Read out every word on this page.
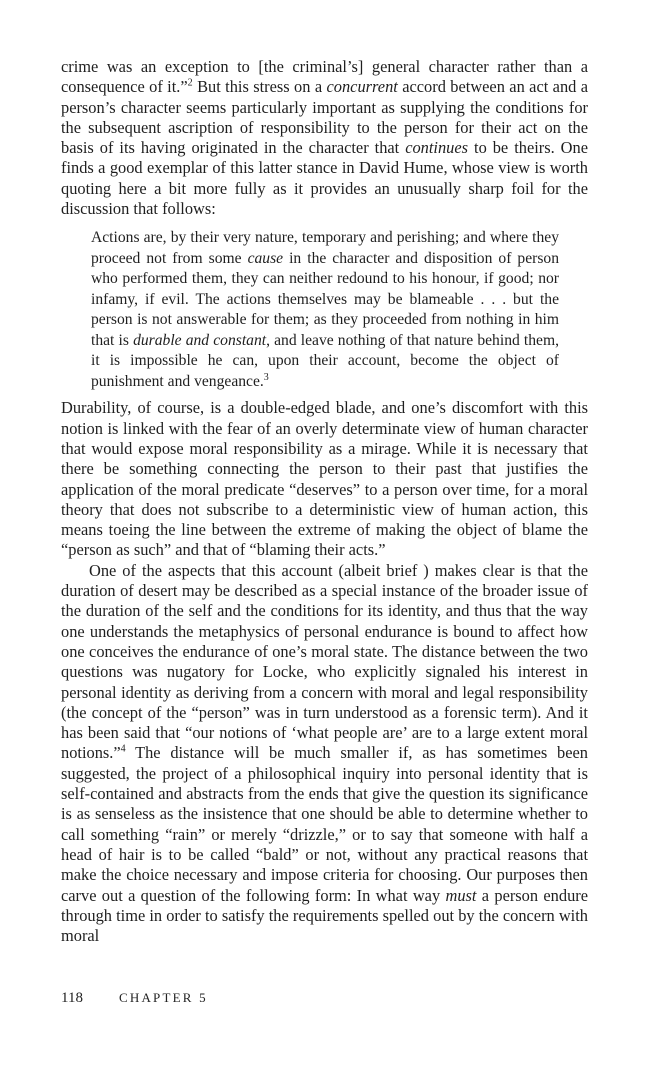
crime was an exception to [the criminal’s] general character rather than a consequence of it.”$^2$ But this stress on a concurrent accord between an act and a person’s character seems particularly important as supplying the conditions for the subsequent ascription of responsibility to the person for their act on the basis of its having originated in the character that continues to be theirs. One finds a good exemplar of this latter stance in David Hume, whose view is worth quoting here a bit more fully as it provides an unusually sharp foil for the discussion that follows:

Actions are, by their very nature, temporary and perishing; and where they proceed not from some cause in the character and disposition of person who performed them, they can neither redound to his honour, if good; nor infamy, if evil. The actions themselves may be blameable . . . but the person is not answerable for them; as they proceeded from nothing in him that is durable and constant, and leave nothing of that nature behind them, it is impossible he can, upon their account, become the object of punishment and vengeance.$^3$

Durability, of course, is a double-edged blade, and one’s discomfort with this notion is linked with the fear of an overly determinate view of human character that would expose moral responsibility as a mirage. While it is necessary that there be something connecting the person to their past that justifies the application of the moral predicate “deserves” to a person over time, for a moral theory that does not subscribe to a deterministic view of human action, this means toeing the line between the extreme of making the object of blame the “person as such” and that of “blaming their acts.”

One of the aspects that this account (albeit brief ) makes clear is that the duration of desert may be described as a special instance of the broader issue of the duration of the self and the conditions for its identity, and thus that the way one understands the metaphysics of personal endurance is bound to affect how one conceives the endurance of one’s moral state. The distance between the two questions was nugatory for Locke, who explicitly signaled his interest in personal identity as deriving from a concern with moral and legal responsibility (the concept of the “person” was in turn understood as a forensic term). And it has been said that “our notions of ‘what people are’ are to a large extent moral notions.”$^4$ The distance will be much smaller if, as has sometimes been suggested, the project of a philosophical inquiry into personal identity that is self-contained and abstracts from the ends that give the question its significance is as senseless as the insistence that one should be able to determine whether to call something “rain” or merely “drizzle,” or to say that someone with half a head of hair is to be called “bald” or not, without any practical reasons that make the choice necessary and impose criteria for choosing. Our purposes then carve out a question of the following form: In what way must a person endure through time in order to satisfy the requirements spelled out by the concern with moral

118	CHAPTER 5
